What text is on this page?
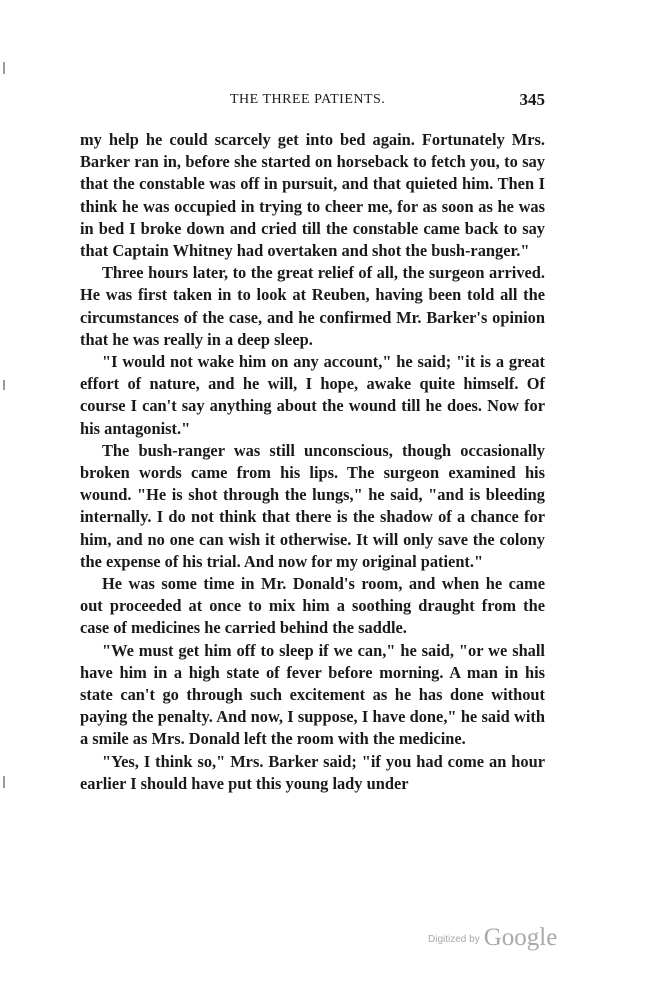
THE THREE PATIENTS.	345

my help he could scarcely get into bed again. Fortunately Mrs. Barker ran in, before she started on horseback to fetch you, to say that the constable was off in pursuit, and that quieted him. Then I think he was occupied in trying to cheer me, for as soon as he was in bed I broke down and cried till the constable came back to say that Captain Whitney had overtaken and shot the bush-ranger."

Three hours later, to the great relief of all, the surgeon arrived. He was first taken in to look at Reuben, having been told all the circumstances of the case, and he confirmed Mr. Barker's opinion that he was really in a deep sleep.

"I would not wake him on any account," he said; "it is a great effort of nature, and he will, I hope, awake quite himself. Of course I can't say anything about the wound till he does. Now for his antagonist."

The bush-ranger was still unconscious, though occasionally broken words came from his lips. The surgeon examined his wound. "He is shot through the lungs," he said, "and is bleeding internally. I do not think that there is the shadow of a chance for him, and no one can wish it otherwise. It will only save the colony the expense of his trial. And now for my original patient."

He was some time in Mr. Donald's room, and when he came out proceeded at once to mix him a soothing draught from the case of medicines he carried behind the saddle.

"We must get him off to sleep if we can," he said, "or we shall have him in a high state of fever before morning. A man in his state can't go through such excitement as he has done without paying the penalty. And now, I suppose, I have done," he said with a smile as Mrs. Donald left the room with the medicine.

"Yes, I think so," Mrs. Barker said; "if you had come an hour earlier I should have put this young lady under

Digitized by Google
